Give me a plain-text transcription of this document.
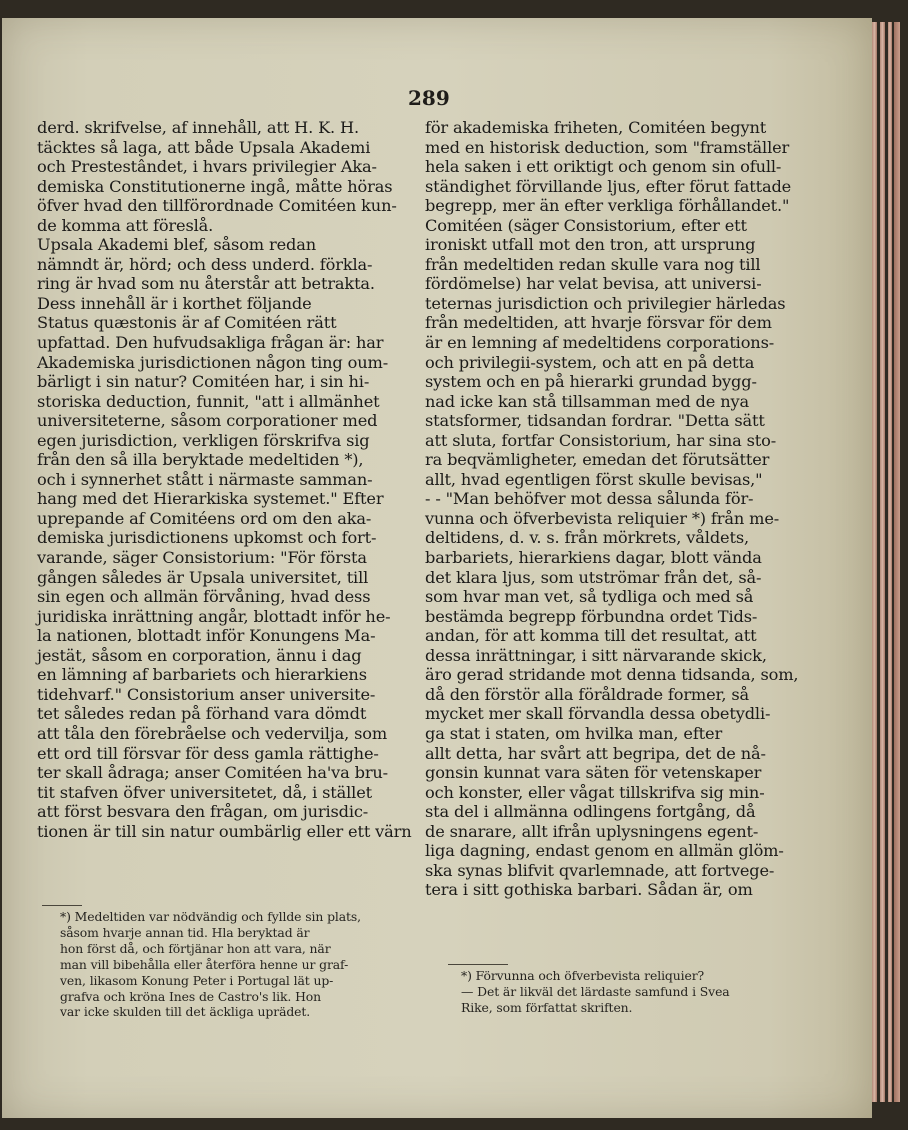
289
derd. skrifvelse, af innehåll, att H. K. H.
täcktes så laga, att både Upsala Akademi
och Prestestândet, i hvars privilegier Aka-
demiska Constitutionerne ingå, måtte höras
öfver hvad den tillförordnade Comitéen kun-
de komma att föreslå.
Upsala Akademi blef, såsom redan
nämndt är, hörd; och dess underd. förkla-
ring är hvad som nu återstår att betrakta.
Dess innehåll är i korthet följande
Status quæstonis är af Comitéen rätt
upfattad. Den hufvudsakliga frågan är: har
Akademiska jurisdictionen någon ting oum-
bärligt i sin natur? Comitéen har, i sin hi-
storiska deduction, funnit, "att i allmänhet
universiteterne, såsom corporationer med
egen jurisdiction, verkligen förskrifva sig
från den så illa beryktade medeltiden *),
och i synnerhet stått i närmaste samman-
hang med det Hierarkiska systemet." Efter
uprepande af Comitéens ord om den aka-
demiska jurisdictionens upkomst och fort-
varande, säger Consistorium: "För första
gången således är Upsala universitet, till
sin egen och allmän förvåning, hvad dess
juridiska inrättning angår, blottadt inför he-
la nationen, blottadt inför Konungens Ma-
jestät, såsom en corporation, ännu i dag
en lämning af barbariets och hierarkiens
tidehvarf." Consistorium anser universite-
tet således redan på förhand vara dömdt
att tåla den förebråelse och vedervilja, som
ett ord till försvar för dess gamla rättighe-
ter skall ådraga; anser Comitéen ha'va bru-
tit stafven öfver universitetet, då, i stället
att först besvara den frågan, om jurisdic-
tionen är till sin natur oumbärlig eller ett värn
för akademiska friheten, Comitéen begynt
med en historisk deduction, som "framställer
hela saken i ett oriktigt och genom sin ofull-
ständighet förvillande ljus, efter förut fattade
begrepp, mer än efter verkliga förhållandet."
Comitéen (säger Consistorium, efter ett
ironiskt utfall mot den tron, att ursprung
från medeltiden redan skulle vara nog till
fördömelse) har velat bevisa, att universi-
teternas jurisdiction och privilegier härledas
från medeltiden, att hvarje försvar för dem
är en lemning af medeltidens corporations-
och privilegii-system, och att en på detta
system och en på hierarki grundad bygg-
nad icke kan stå tillsamman med de nya
statsformer, tidsandan fordrar. "Detta sätt
att sluta, fortfar Consistorium, har sina sto-
ra beqvämligheter, emedan det förutsätter
allt, hvad egentligen först skulle bevisas,"
- - "Man behöfver mot dessa sålunda för-
vunna och öfverbevista reliquier *) från me-
deltidens, d. v. s. från mörkrets, våldets,
barbariets, hierarkiens dagar, blott vända
det klara ljus, som utströmar från det, så-
som hvar man vet, så tydliga och med så
bestämda begrepp förbundna ordet Tids-
andan, för att komma till det resultat, att
dessa inrättningar, i sitt närvarande skick,
äro gerad stridande mot denna tidsanda, som,
då den förstör alla föråldrade former, så
mycket mer skall förvandla dessa obetydli-
ga stat i staten, om hvilka man, efter
allt detta, har svårt att begripa, det de nå-
gonsin kunnat vara säten för vetenskaper
och konster, eller vågat tillskrifva sig min-
sta del i allmänna odlingens fortgång, då
de snarare, allt ifrån uplysningens egent-
liga dagning, endast genom en allmän glöm-
ska synas blifvit qvarlemnade, att fortvege-
tera i sitt gothiska barbari. Sådan är, om
*) Medeltiden var nödvändig och fyllde sin plats,
såsom hvarje annan tid. Hla beryktad är
hon först då, och förtjänar hon att vara, när
man vill bibehålla eller återföra henne ur graf-
ven, likasom Konung Peter i Portugal lät up-
grafva och kröna Ines de Castro's lik. Hon
var icke skulden till det äckliga uprädet.
*) Förvunna och öfverbevista reliquier?
— Det är likväl det lärdaste samfund i Svea
Rike, som författat skriften.
